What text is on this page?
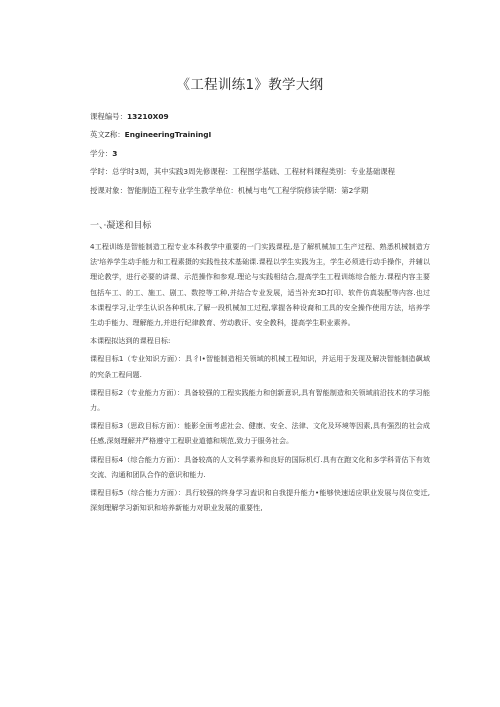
《工程训练1》教学大纲
课程编号：13210X09
英文Z称：EngineeringTrainingI
学分：3
学时：总学时3周，其中实践3周先修课程：工程图学基础、工程材料课程类别：专业基础课程
授课对象：智能制造工程专业学生教学单位：机械与电气工程学院修读学期：第2学期
一、·凝迷和目标

4工程训练是智能制造工程专业本科教学中重要的一门实践课程,是了解机械加工生产过程、熟悉机械制造方法'培养学生动手能力和工程素摄的实践性技术基础课.课程以学生实践为主，学生必须进行动手操作，并辅以理论教学，进行必要的讲课、示范操作和参观.理论与实践相结合,提高学生工程训练综合能力.课程内容主要包括车工、的工、施工、剧工、数控等工种,并结合专业发展，适当补充3D打印、软件仿真装配等内容.也过本课程学习,让学生认识各种机床,了解一段机械加工过程,掌握各种设裔和工具的安全操作使用方法，培养学生动手能力、理解能力,并进行纪律教育、劳动教讦、安全教科，提高学生职业素养。

本课程拟达到的课程目标:

课程目标1（专业知识方面）：具彳I•智能制造相关领域的机械工程知识，并运用于发现及解决智能制造飙域的究条工程问题.

课程目标2（专业能力方面）：具备较强的工程实践能力和创新意识,具有智能制造和关领域前沿技术的学习能力。

课程目标3（思政目标方面）：能影全面考虑社会、健康、安全、法律、文化及环境等因素,具有强烈的社会成任感,深刻理解并严格遵守工程职业道德和规范,致力于服务社会。

课程目标4（综合能力方面）：具备较高的人文科学素养和良好的国际机灯.具有在跑文化和多学科背估下有效交流、沟通和团队合作的意识和能力.

课程目标5（综合能力方面）：具行较强的终身学习盍识和自我提升能力•能够快速适应职业发展与岗位变迁,深刻理解学习新知识和培养新能力对职业发展的重要性,
